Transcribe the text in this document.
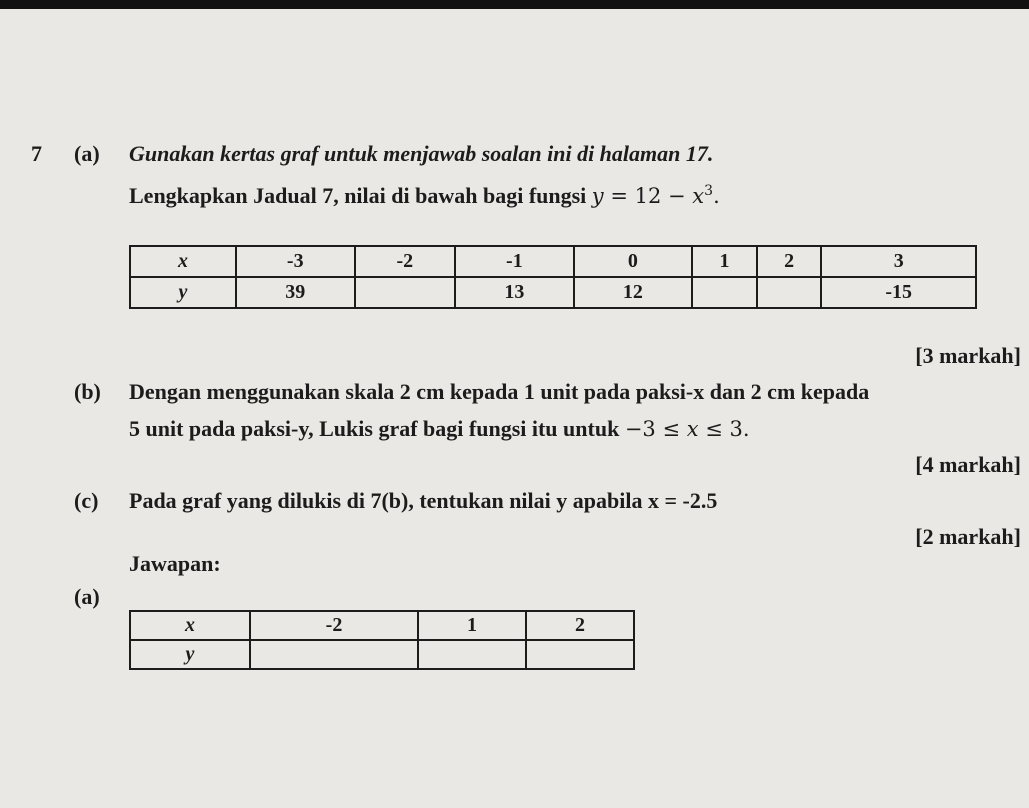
7 (a) Gunakan kertas graf untuk menjawab soalan ini di halaman 17.
Lengkapkan Jadual 7, nilai di bawah bagi fungsi $y = 12 - x^3$.
x	-3	-2	-1	0	1	2	3
y	39		13	12			-15
[3 markah]
(b) Dengan menggunakan skala 2 cm kepada 1 unit pada paksi-x dan 2 cm kepada
5 unit pada paksi-y, Lukis graf bagi fungsi itu untuk −3 ≤ x ≤ 3.
[4 markah]
(c) Pada graf yang dilukis di 7(b), tentukan nilai y apabila x = -2.5
[2 markah]
Jawapan:
(a)
x	-2	1	2
y			
